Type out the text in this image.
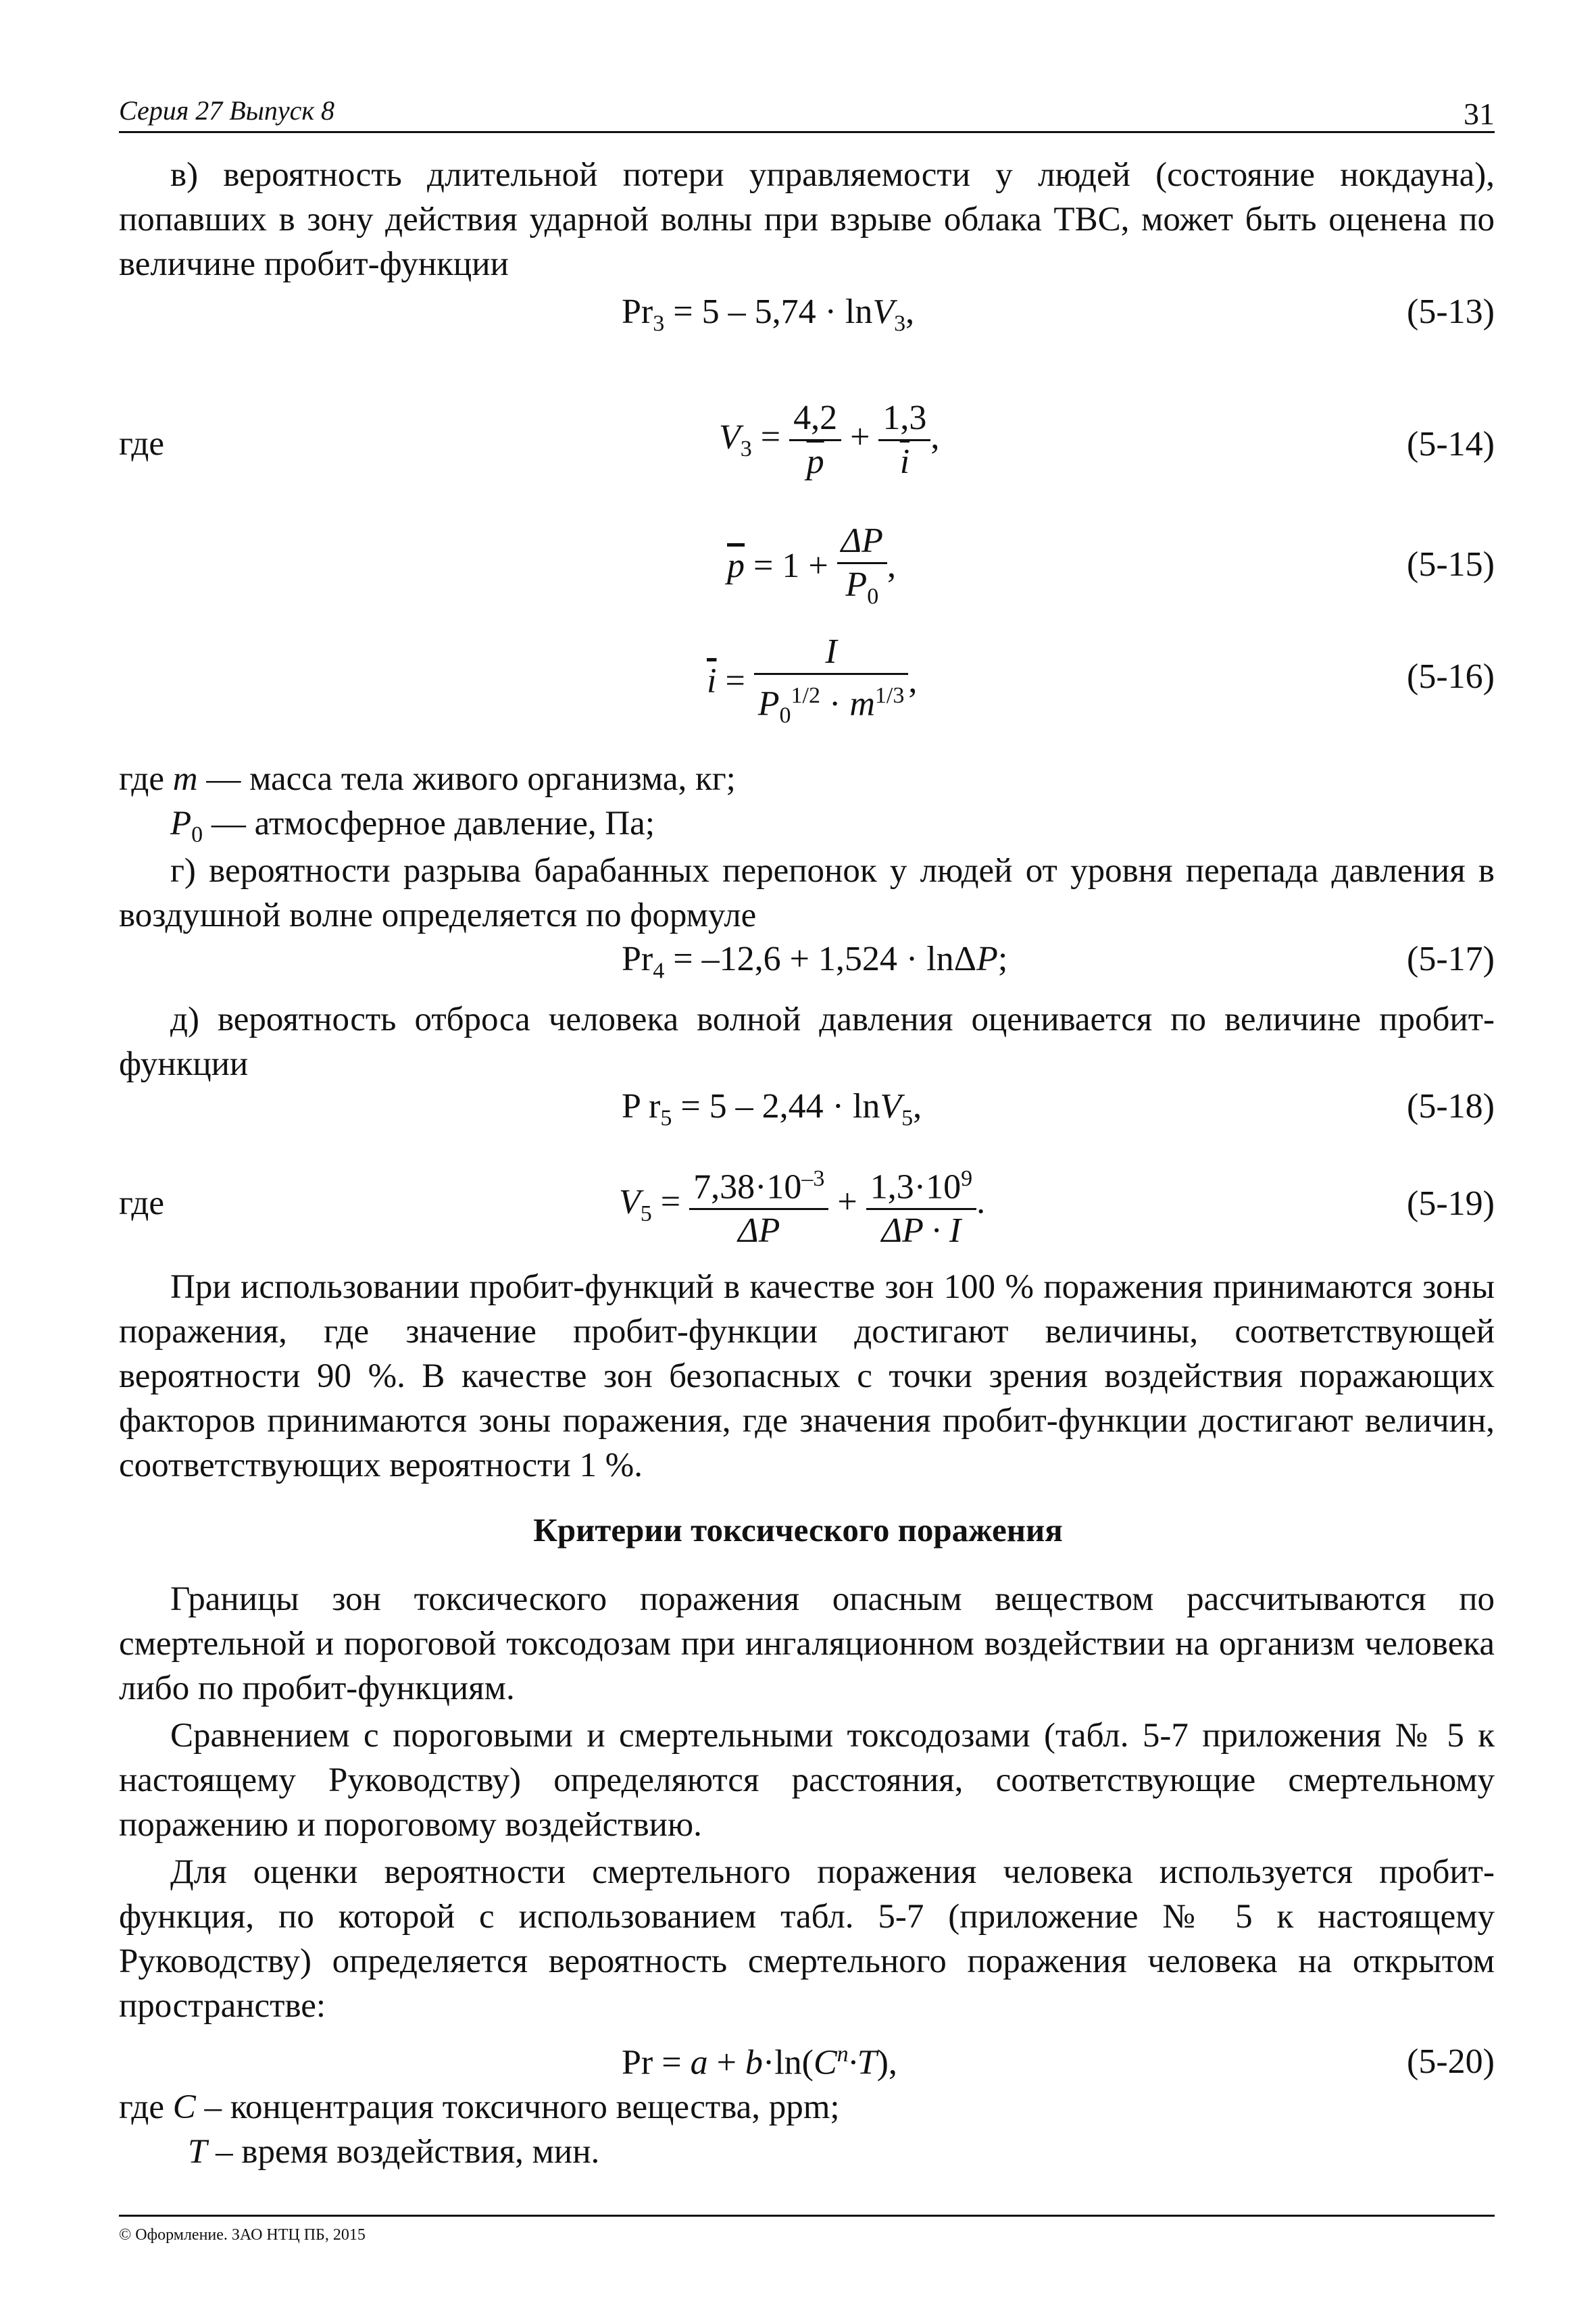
Серия 27 Выпуск 8	31

в) вероятность длительной потери управляемости у людей (состояние нокдауна), попавших в зону действия ударной волны при взрыве облака ТВС, может быть оценена по величине пробит-функции

$Pr_3 = 5 - 5,74 \cdot \ln V_3$,	(5-13)
где	$V_3 = \frac{4,2}{p} + \frac{1,3}{i}$ ,	(5-14)
$\overline{p} = 1 + \frac{\Delta P}{P_0}$ ,	(5-15)
$\overline{i} = \frac{I}{P_0^{1/2} \cdot m^{1/3}}$ ,	(5-16)
где m — масса тела живого организма, кг;
$P_0$ — атмосферное давление, Па;

г) вероятности разрыва барабанных перепонок у людей от уровня перепада давления в воздушной волне определяется по формуле

$Pr_4 = -12,6 + 1,524 \cdot \ln\Delta P$;	(5-17)

д) вероятность отброса человека волной давления оценивается по величине пробит-функции

P $r_5 = 5 - 2,44 \cdot \ln V_5$,	(5-18)
где	$V_5 = \frac{7,38\cdot 10^{-3}}{\Delta P} + \frac{1,3\cdot 10^9}{\Delta P \cdot I}$ .	(5-19)

При использовании пробит-функций в качестве зон 100 % поражения принимаются зоны поражения, где значение пробит-функции достигают величины, соответствующей вероятности 90 %. В качестве зон безопасных с точки зрения воздействия поражающих факторов принимаются зоны поражения, где значения пробит-функции достигают величин, соответствующих вероятности 1 %.

Критерии токсического поражения

Границы зон токсического поражения опасным веществом рассчитываются по смертельной и пороговой токсодозам при ингаляционном воздействии на организм человека либо по пробит-функциям.

Сравнением с пороговыми и смертельными токсодозами (табл. 5-7 приложения № 5 к настоящему Руководству) определяются расстояния, соответствующие смертельному поражению и пороговому воздействию.

Для оценки вероятности смертельного поражения человека используется пробит-функция, по которой с использованием табл. 5-7 (приложение № 5 к настоящему Руководству) определяется вероятность смертельного поражения человека на открытом пространстве:

$Pr = a + b\cdot\ln(C^n\cdot T)$,	(5-20)
где C – концентрация токсичного вещества, ppm;
T – время воздействия, мин.
© Оформление. ЗАО НТЦ ПБ, 2015
